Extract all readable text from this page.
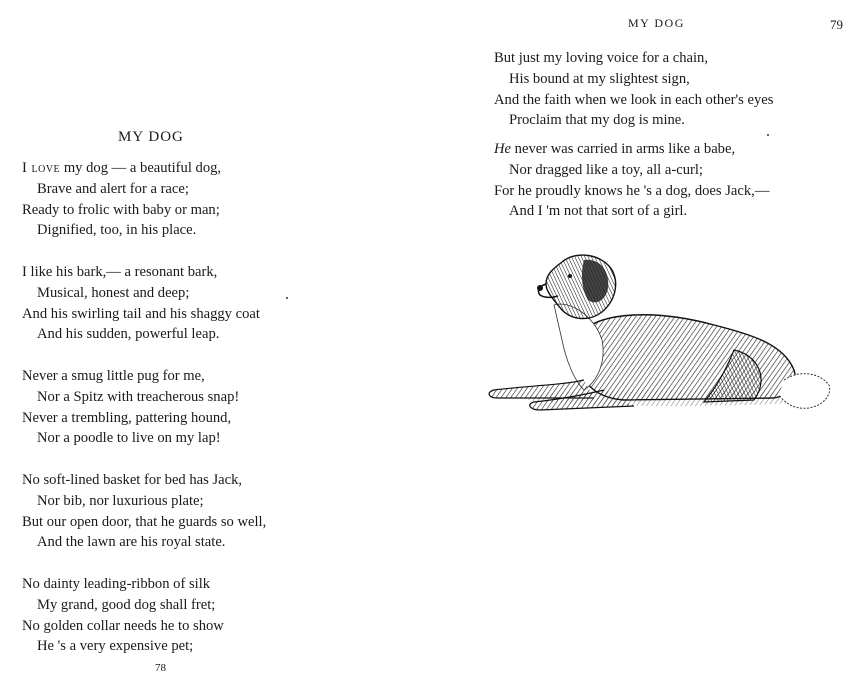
MY DOG
I love my dog — a beautiful dog,
Brave and alert for a race;
Ready to frolic with baby or man;
Dignified, too, in his place.
I like his bark,— a resonant bark,
Musical, honest and deep;
And his swirling tail and his shaggy coat
And his sudden, powerful leap.
Never a smug little pug for me,
Nor a Spitz with treacherous snap!
Never a trembling, pattering hound,
Nor a poodle to live on my lap!
No soft-lined basket for bed has Jack,
Nor bib, nor luxurious plate;
But our open door, that he guards so well,
And the lawn are his royal state.
No dainty leading-ribbon of silk
My grand, good dog shall fret;
No golden collar needs he to show
He 's a very expensive pet;
78
MY DOG	79
But just my loving voice for a chain,
His bound at my slightest sign,
And the faith when we look in each other's eyes
Proclaim that my dog is mine.
He never was carried in arms like a babe,
Nor dragged like a toy, all a-curl;
For he proudly knows he 's a dog, does Jack,—
And I 'm not that sort of a girl.
